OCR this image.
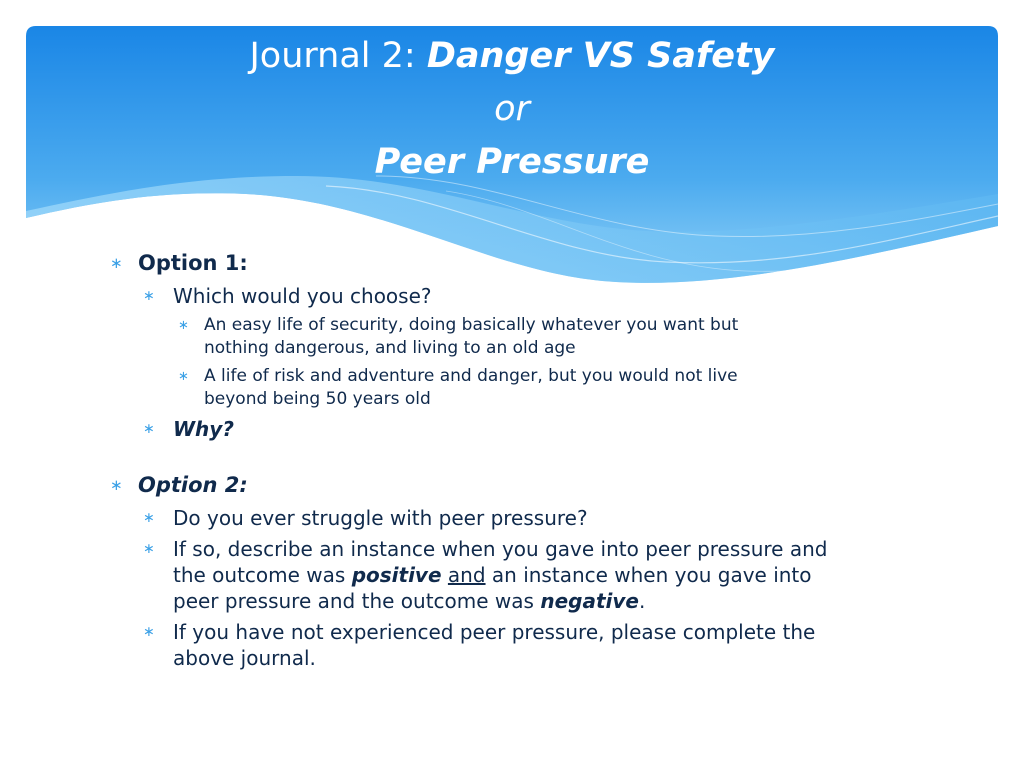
Journal 2: Danger VS Safety
or
Peer Pressure
∗ Option 1:
∗ Which would you choose?
∗ An easy life of security, doing basically whatever you want but
nothing dangerous, and living to an old age
∗ A life of risk and adventure and danger, but you would not live
beyond being 50 years old
∗ Why?
∗ Option 2:
∗ Do you ever struggle with peer pressure?
∗ If so, describe an instance when you gave into peer pressure and
the outcome was positive and an instance when you gave into
peer pressure and the outcome was negative.
∗ If you have not experienced peer pressure, please complete the
above journal.
